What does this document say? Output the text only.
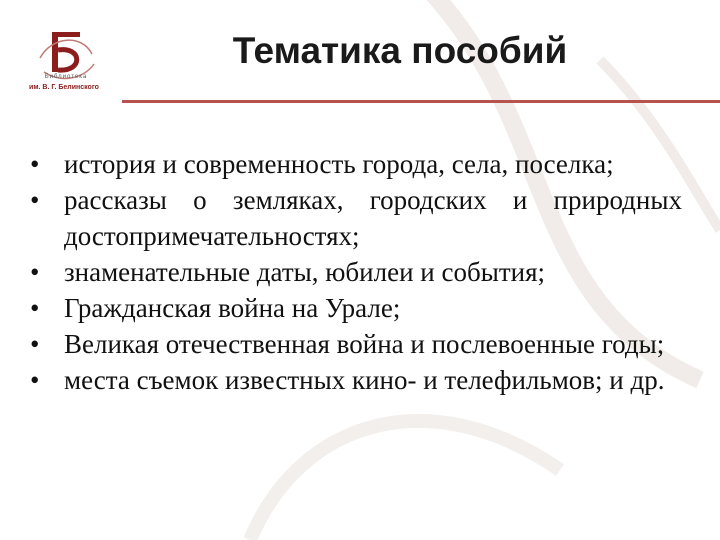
Библиотека
им. В. Г. Белинского
Тематика пособий
• история и современность города, села, поселка;
• рассказы о земляках, городских и природных достопримечательностях;
• знаменательные даты, юбилеи и события;
• Гражданская война на Урале;
• Великая отечественная война и послевоенные годы;
• места съемок известных кино- и телефильмов; и др.
